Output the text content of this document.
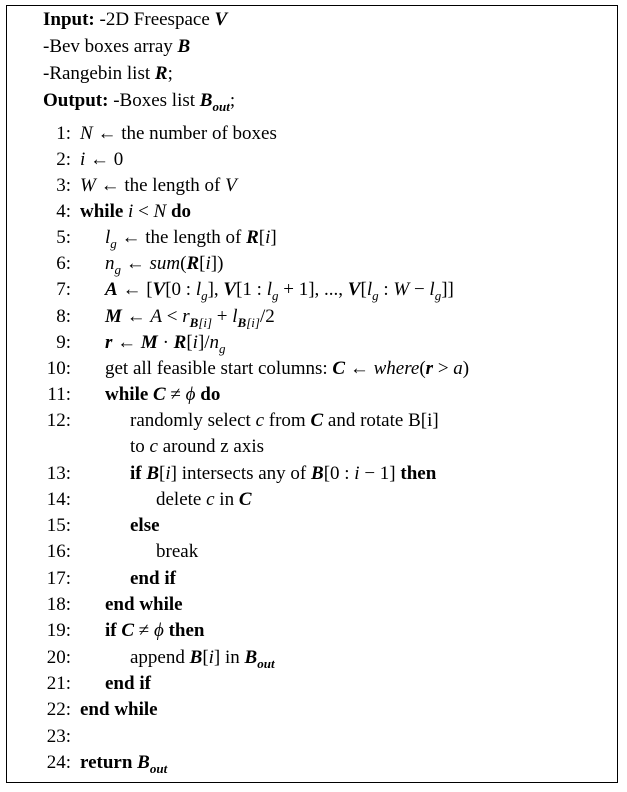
Input: -2D Freespace V
-Bev boxes array B
-Rangebin list R;
Output: -Boxes list $B_{out}$;
1: N ← the number of boxes
2: i ← 0
3: W ← the length of V
4: while i < N do
5: $l_g$ ← the length of R[i]
6: $n_g$ ← sum(R[i])
7: A ← [V[0 : $l_g$], V[1 : $l_g + 1$], ..., $V[l_g$ : $W - l_g$]]
8: M ← $A < r_{B[i]} + l_{B[i]}/2$
9: r ← $M \cdot R[i]/n_g$
10: get all feasible start columns: C ← where(r > a)
11: while C ≠ ϕ do
12:	randomly select c from C and rotate B[i]
to c around z axis
13:	if B[i] intersects any of B[0 : i − 1] then
14:	delete c in C
15:	else
16:	break
17:	end if
18: end while
19: if C ≠ ϕ then
20:	append B[i] in $B_{out}$
21: end if
22: end while
23:
24: return $B_{out}$
